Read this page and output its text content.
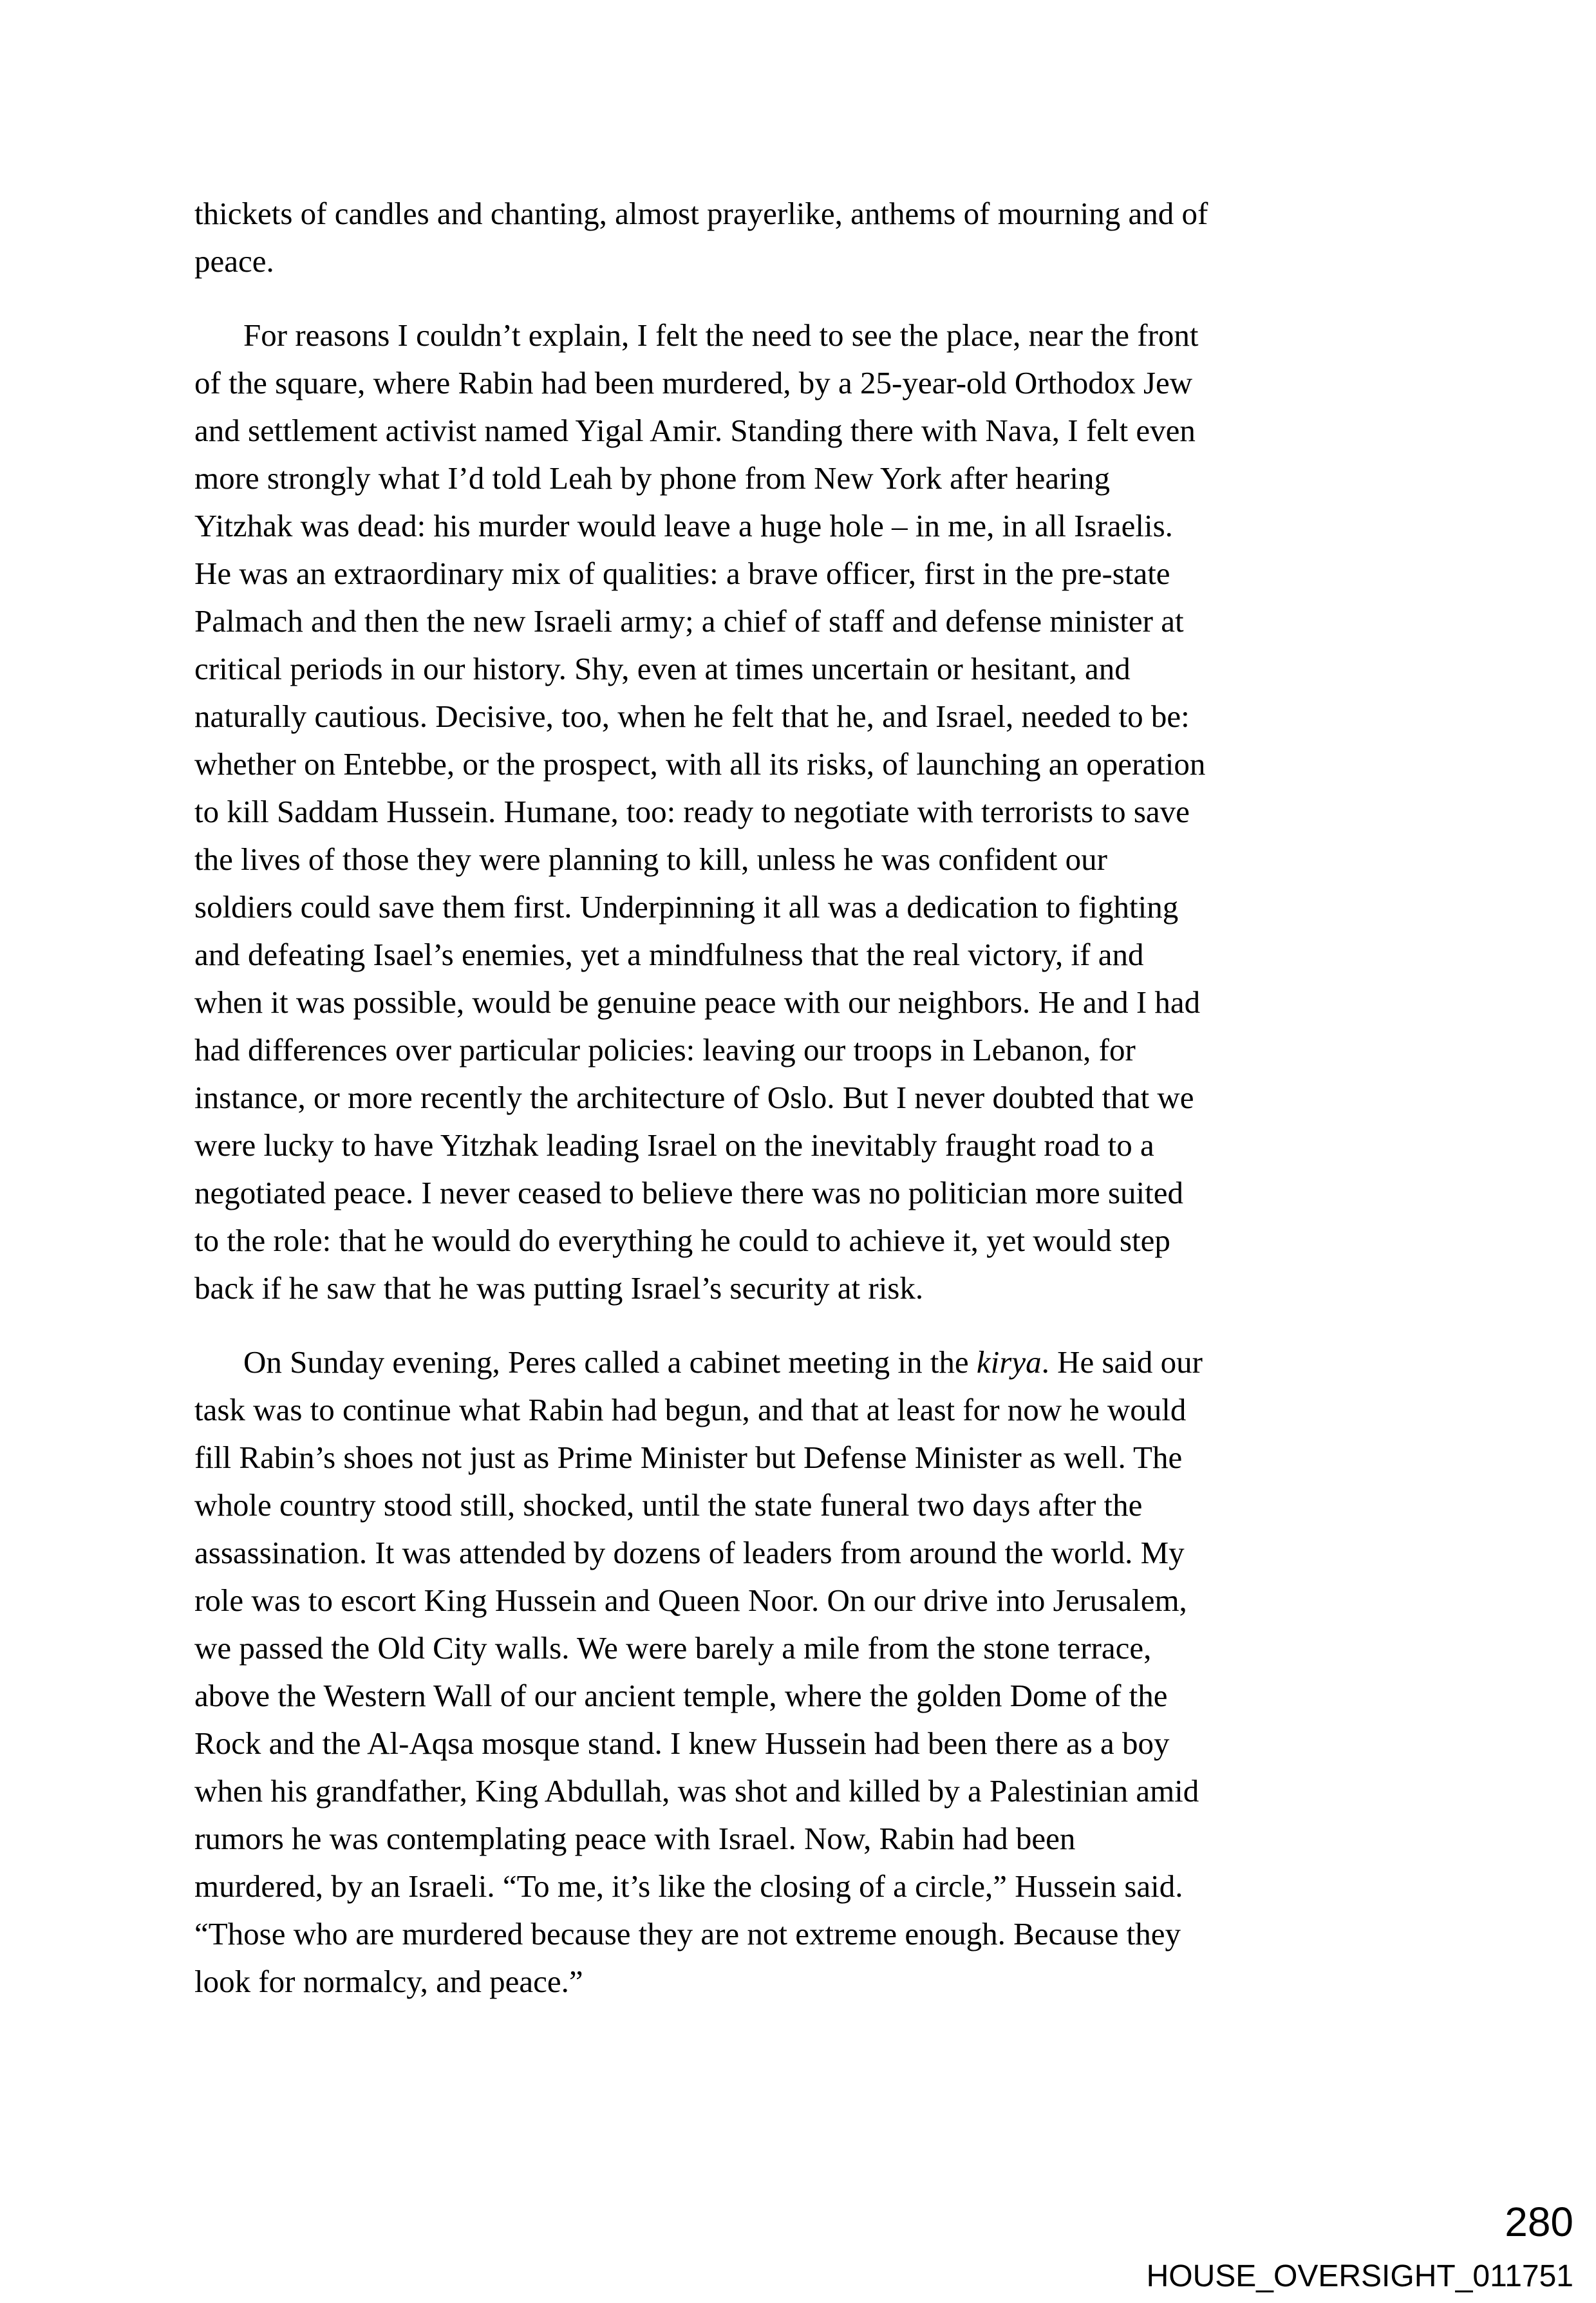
thickets of candles and chanting, almost prayerlike, anthems of mourning and of
peace.
For reasons I couldn’t explain, I felt the need to see the place, near the front
of the square, where Rabin had been murdered, by a 25-year-old Orthodox Jew
and settlement activist named Yigal Amir. Standing there with Nava, I felt even
more strongly what I’d told Leah by phone from New York after hearing
Yitzhak was dead: his murder would leave a huge hole – in me, in all Israelis.
He was an extraordinary mix of qualities: a brave officer, first in the pre-state
Palmach and then the new Israeli army; a chief of staff and defense minister at
critical periods in our history. Shy, even at times uncertain or hesitant, and
naturally cautious. Decisive, too, when he felt that he, and Israel, needed to be:
whether on Entebbe, or the prospect, with all its risks, of launching an operation
to kill Saddam Hussein. Humane, too: ready to negotiate with terrorists to save
the lives of those they were planning to kill, unless he was confident our
soldiers could save them first. Underpinning it all was a dedication to fighting
and defeating Isael’s enemies, yet a mindfulness that the real victory, if and
when it was possible, would be genuine peace with our neighbors. He and I had
had differences over particular policies: leaving our troops in Lebanon, for
instance, or more recently the architecture of Oslo. But I never doubted that we
were lucky to have Yitzhak leading Israel on the inevitably fraught road to a
negotiated peace. I never ceased to believe there was no politician more suited
to the role: that he would do everything he could to achieve it, yet would step
back if he saw that he was putting Israel’s security at risk.
On Sunday evening, Peres called a cabinet meeting in the kirya. He said our
task was to continue what Rabin had begun, and that at least for now he would
fill Rabin’s shoes not just as Prime Minister but Defense Minister as well. The
whole country stood still, shocked, until the state funeral two days after the
assassination. It was attended by dozens of leaders from around the world. My
role was to escort King Hussein and Queen Noor. On our drive into Jerusalem,
we passed the Old City walls. We were barely a mile from the stone terrace,
above the Western Wall of our ancient temple, where the golden Dome of the
Rock and the Al-Aqsa mosque stand. I knew Hussein had been there as a boy
when his grandfather, King Abdullah, was shot and killed by a Palestinian amid
rumors he was contemplating peace with Israel. Now, Rabin had been
murdered, by an Israeli. “To me, it’s like the closing of a circle,” Hussein said.
“Those who are murdered because they are not extreme enough. Because they
look for normalcy, and peace.”
280
HOUSE_OVERSIGHT_011751
